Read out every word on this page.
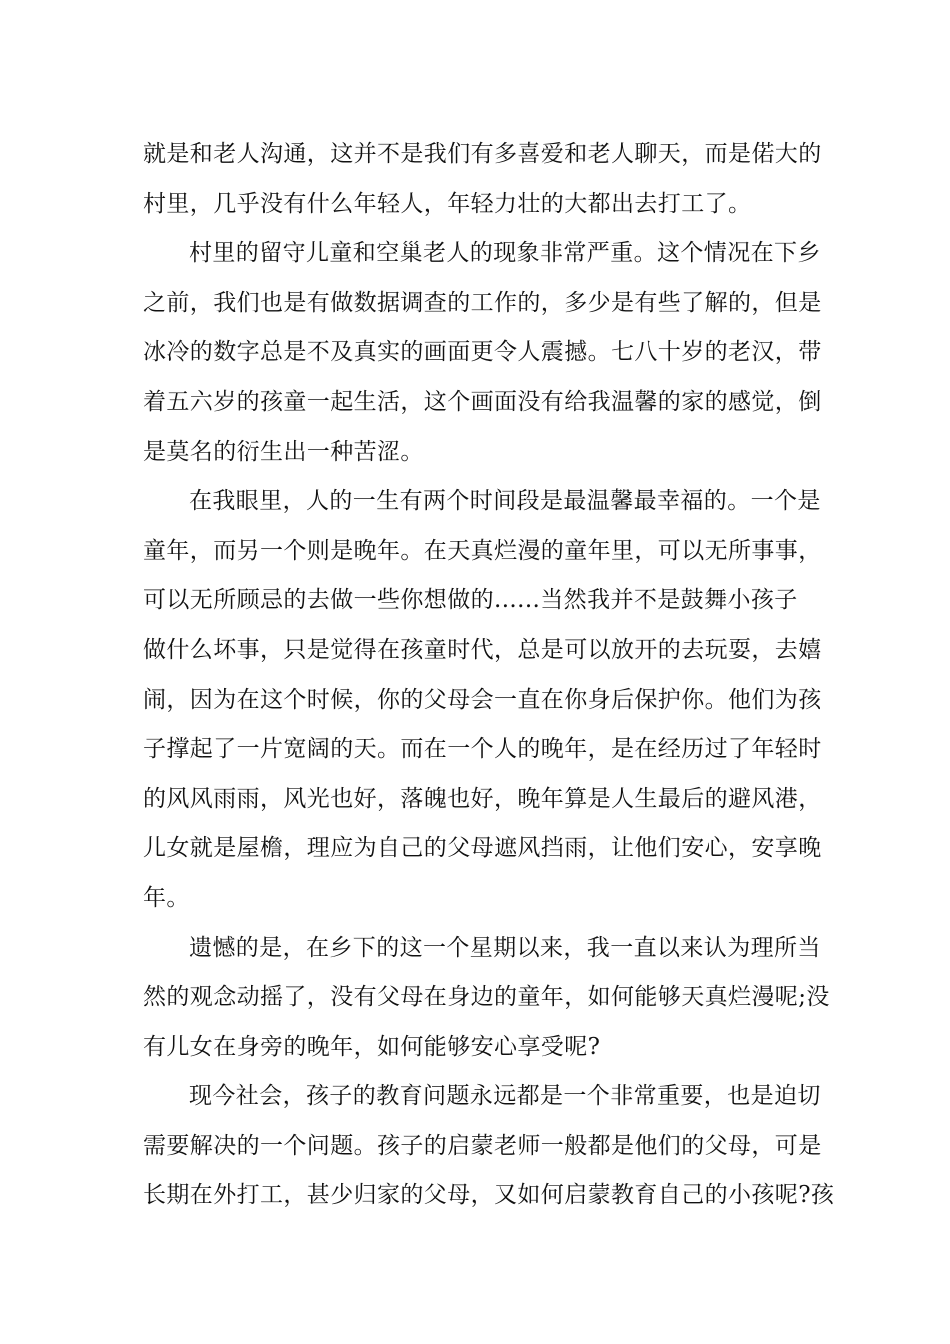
就是和老人沟通，这并不是我们有多喜爱和老人聊天，而是偌大的
村里，几乎没有什么年轻人，年轻力壮的大都出去打工了。
村里的留守儿童和空巢老人的现象非常严重。这个情况在下乡
之前，我们也是有做数据调查的工作的，多少是有些了解的，但是
冰冷的数字总是不及真实的画面更令人震撼。七八十岁的老汉，带
着五六岁的孩童一起生活，这个画面没有给我温馨的家的感觉，倒
是莫名的衍生出一种苦涩。
在我眼里，人的一生有两个时间段是最温馨最幸福的。一个是
童年，而另一个则是晚年。在天真烂漫的童年里，可以无所事事，
可以无所顾忌的去做一些你想做的......当然我并不是鼓舞小孩子
做什么坏事，只是觉得在孩童时代，总是可以放开的去玩耍，去嬉
闹，因为在这个时候，你的父母会一直在你身后保护你。他们为孩
子撑起了一片宽阔的天。而在一个人的晚年，是在经历过了年轻时
的风风雨雨，风光也好，落魄也好，晚年算是人生最后的避风港，
儿女就是屋檐，理应为自己的父母遮风挡雨，让他们安心，安享晚
年。
遗憾的是，在乡下的这一个星期以来，我一直以来认为理所当
然的观念动摇了，没有父母在身边的童年，如何能够天真烂漫呢;没
有儿女在身旁的晚年，如何能够安心享受呢?
现今社会，孩子的教育问题永远都是一个非常重要，也是迫切
需要解决的一个问题。孩子的启蒙老师一般都是他们的父母，可是
长期在外打工，甚少归家的父母，又如何启蒙教育自己的小孩呢?孩
